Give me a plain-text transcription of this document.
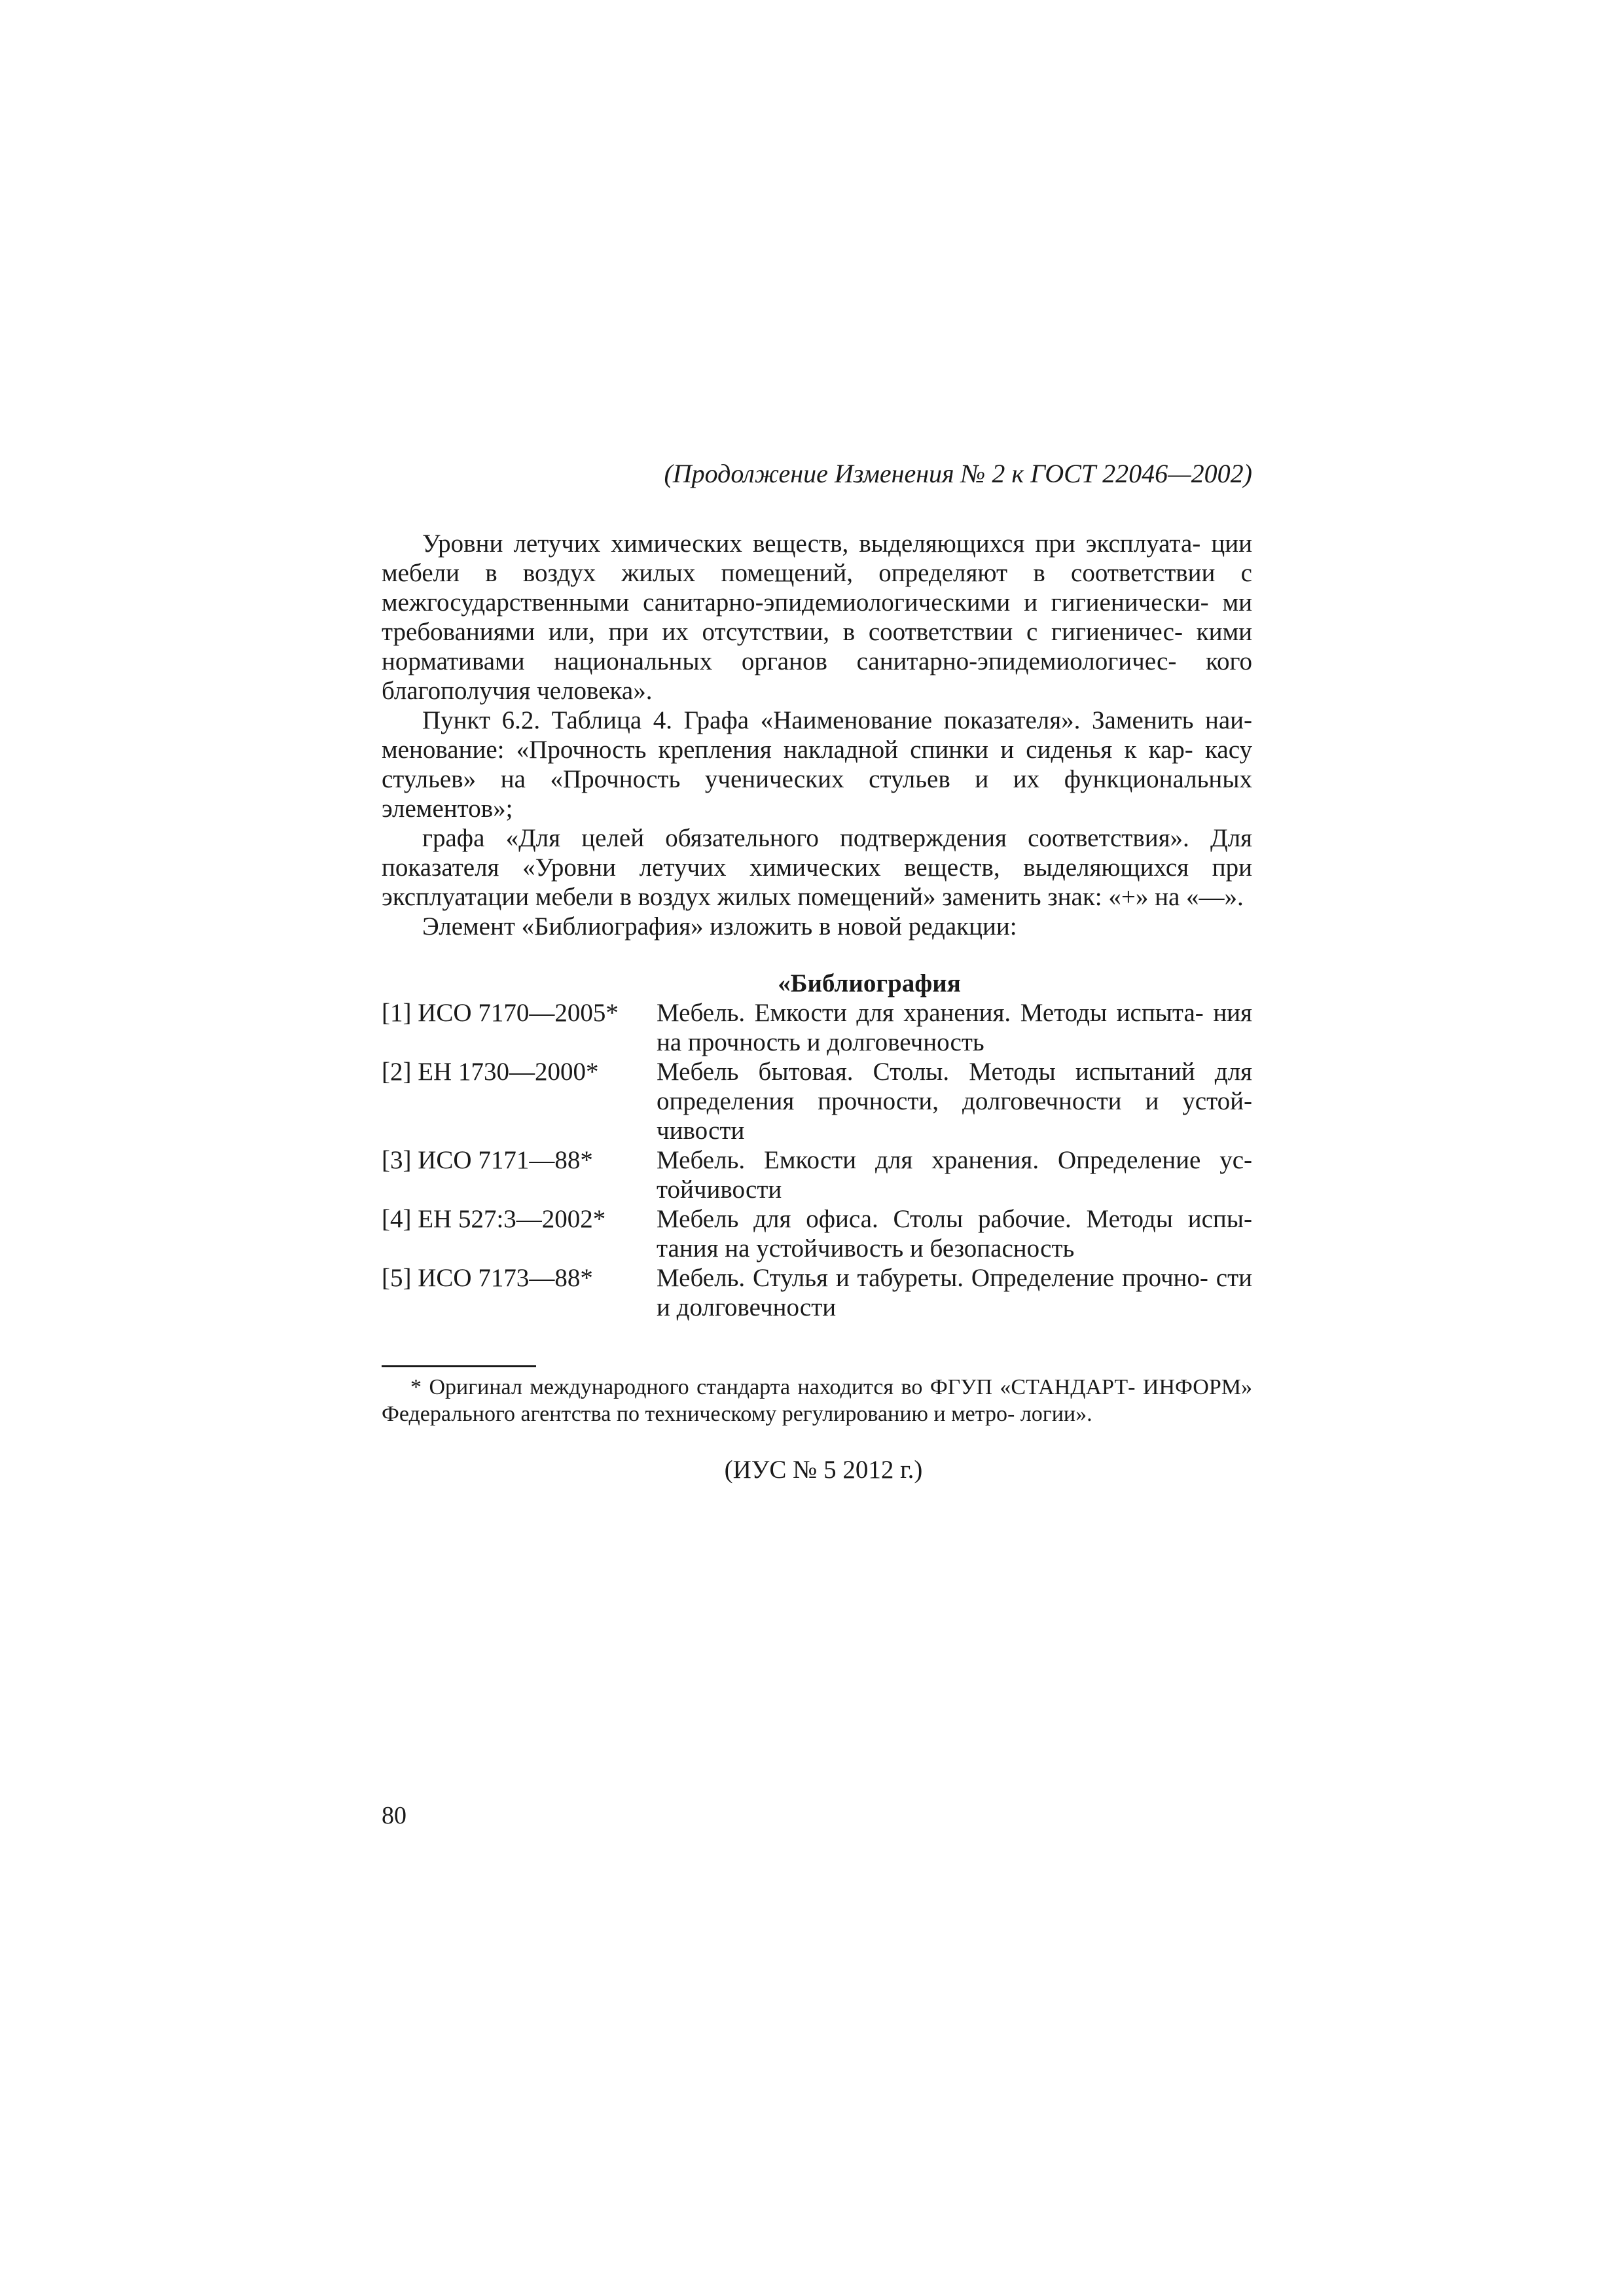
(Продолжение Изменения № 2 к ГОСТ 22046—2002)

Уровни летучих химических веществ, выделяющихся при эксплуата- ции мебели в воздух жилых помещений, определяют в соответствии с межгосударственными санитарно-эпидемиологическими и гигиенически- ми требованиями или, при их отсутствии, в соответствии с гигиеничес- кими нормативами национальных органов санитарно-эпидемиологичес- кого благополучия человека».

Пункт 6.2. Таблица 4. Графа «Наименование показателя». Заменить наи- менование: «Прочность крепления накладной спинки и сиденья к кар- касу стульев» на «Прочность ученических стульев и их функциональных элементов»;

графа «Для целей обязательного подтверждения соответствия». Для показателя «Уровни летучих химических веществ, выделяющихся при эксплуатации мебели в воздух жилых помещений» заменить знак: «+» на «—».

Элемент «Библиография» изложить в новой редакции:

«Библиография

[1] ИСО 7170—2005*	Мебель. Емкости для хранения. Методы испыта- ния на прочность и долговечность
[2] ЕН 1730—2000*	Мебель бытовая. Столы. Методы испытаний для определения прочности, долговечности и устой- чивости
[3] ИСО 7171—88*	Мебель. Емкости для хранения. Определение ус- тойчивости
[4] ЕН 527:3—2002*	Мебель для офиса. Столы рабочие. Методы испы- тания на устойчивость и безопасность
[5] ИСО 7173—88*	Мебель. Стулья и табуреты. Определение прочно- сти и долговечности

* Оригинал международного стандарта находится во ФГУП «СТАНДАРТ- ИНФОРМ» Федерального агентства по техническому регулированию и метро- логии».

(ИУС № 5 2012 г.)

80
